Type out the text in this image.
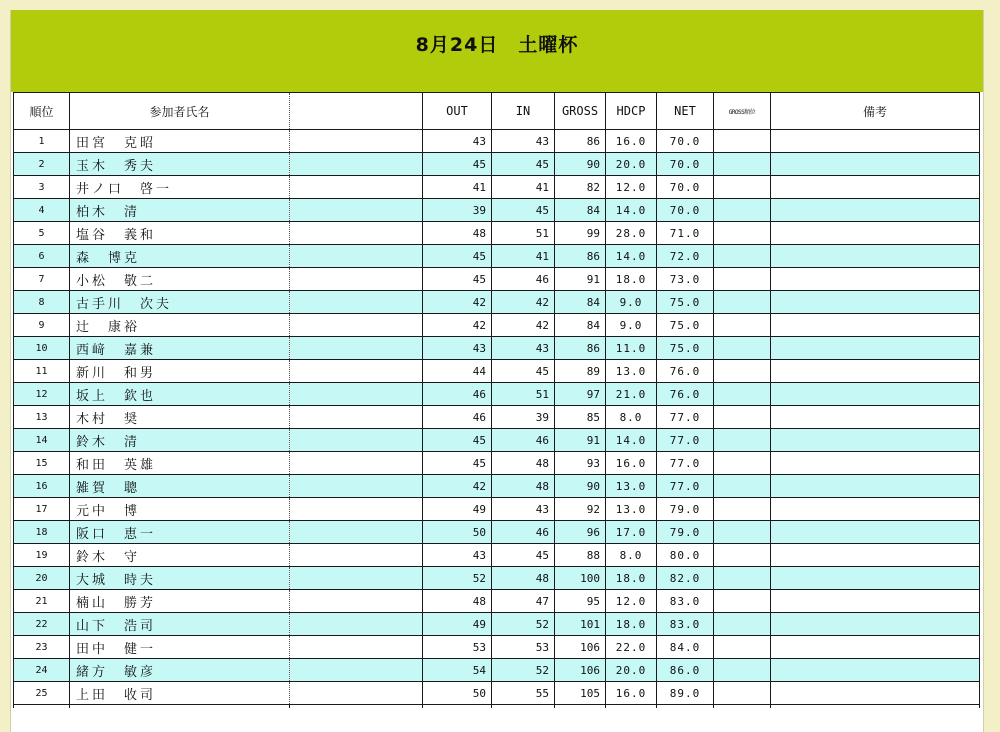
8月24日　土曜杯
順位	参加者氏名		OUT	IN	GROSS	HDCP	NET	GROSS順位	備考
1	田宮　克昭		43	43	86	16.0	70.0		
2	玉木　秀夫		45	45	90	20.0	70.0		
3	井ノ口　啓一		41	41	82	12.0	70.0		
4	柏木　清		39	45	84	14.0	70.0		
5	塩谷　義和		48	51	99	28.0	71.0		
6	森　博克		45	41	86	14.0	72.0		
7	小松　敬二		45	46	91	18.0	73.0		
8	古手川　次夫		42	42	84	9.0	75.0		
9	辻　康裕		42	42	84	9.0	75.0		
10	西﨑　嘉兼		43	43	86	11.0	75.0		
11	新川　和男		44	45	89	13.0	76.0		
12	坂上　欽也		46	51	97	21.0	76.0		
13	木村　奨		46	39	85	8.0	77.0		
14	鈴木　清		45	46	91	14.0	77.0		
15	和田　英雄		45	48	93	16.0	77.0		
16	雑賀　聰		42	48	90	13.0	77.0		
17	元中　博		49	43	92	13.0	79.0		
18	阪口　恵一		50	46	96	17.0	79.0		
19	鈴木　守		43	45	88	8.0	80.0		
20	大城　時夫		52	48	100	18.0	82.0		
21	楠山　勝芳		48	47	95	12.0	83.0		
22	山下　浩司		49	52	101	18.0	83.0		
23	田中　健一		53	53	106	22.0	84.0		
24	緒方　敏彦		54	52	106	20.0	86.0		
25	上田　收司		50	55	105	16.0	89.0		
